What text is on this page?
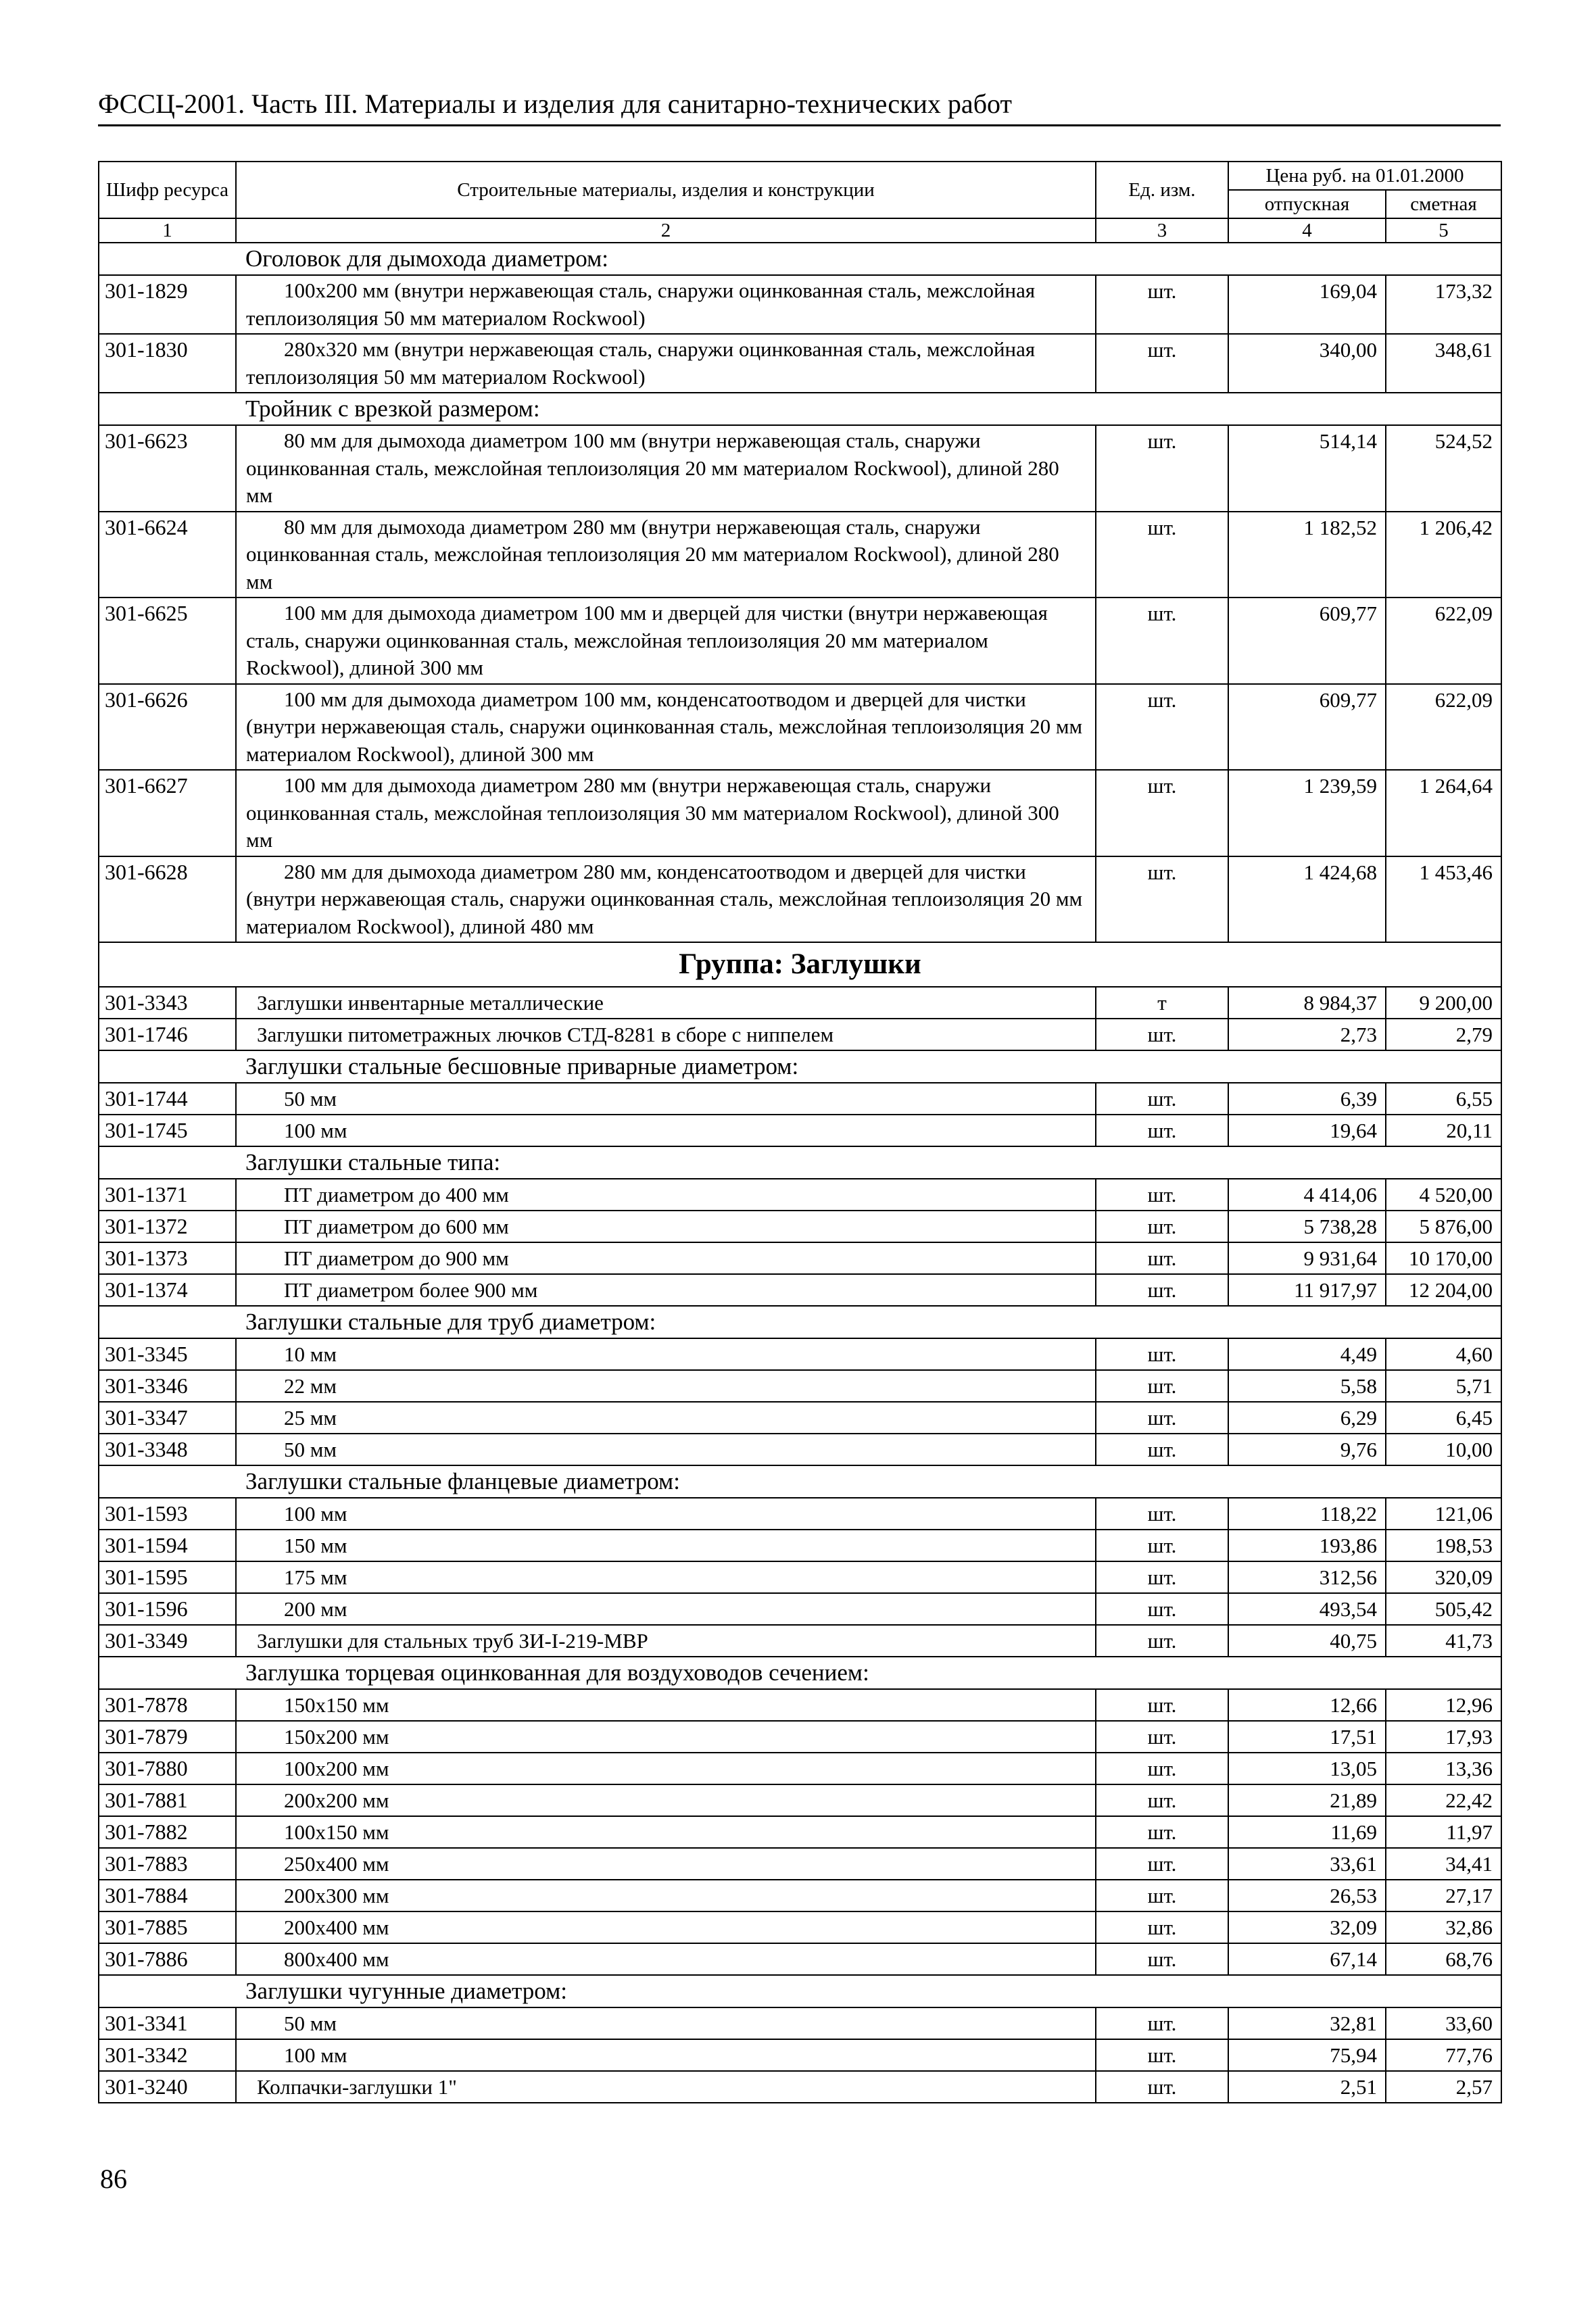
ФССЦ-2001. Часть III. Материалы и изделия для санитарно-технических работ
Шифр ресурса	Строительные материалы, изделия и конструкции	Ед. изм.	Цена руб. на 01.01.2000	
			отпускная	сметная
1	2	3	4	5
Оголовок для дымохода диаметром:				
301-1829	100x200 мм (внутри нержавеющая сталь, снаружи оцинкованная сталь, межслойная теплоизоляция 50 мм материалом Rockwool)	шт.	169,04	173,32
301-1830	280x320 мм (внутри нержавеющая сталь, снаружи оцинкованная сталь, межслойная теплоизоляция 50 мм материалом Rockwool)	шт.	340,00	348,61
Тройник с врезкой размером:				
301-6623	80 мм для дымохода диаметром 100 мм (внутри нержавеющая сталь, снаружи оцинкованная сталь, межслойная теплоизоляция 20 мм материалом Rockwool), длиной 280 мм	шт.	514,14	524,52
301-6624	80 мм для дымохода диаметром 280 мм (внутри нержавеющая сталь, снаружи оцинкованная сталь, межслойная теплоизоляция 20 мм материалом Rockwool), длиной 280 мм	шт.	1 182,52	1 206,42
301-6625	100 мм для дымохода диаметром 100 мм и дверцей для чистки (внутри нержавеющая сталь, снаружи оцинкованная сталь, межслойная теплоизоляция 20 мм материалом Rockwool), длиной 300 мм	шт.	609,77	622,09
301-6626	100 мм для дымохода диаметром 100 мм, конденсатоотводом и дверцей для чистки (внутри нержавеющая сталь, снаружи оцинкованная сталь, межслойная теплоизоляция 20 мм материалом Rockwool), длиной 300 мм	шт.	609,77	622,09
301-6627	100 мм для дымохода диаметром 280 мм (внутри нержавеющая сталь, снаружи оцинкованная сталь, межслойная теплоизоляция 30 мм материалом Rockwool), длиной 300 мм	шт.	1 239,59	1 264,64
301-6628	280 мм для дымохода диаметром 280 мм, конденсатоотводом и дверцей для чистки (внутри нержавеющая сталь, снаружи оцинкованная сталь, межслойная теплоизоляция 20 мм материалом Rockwool), длиной 480 мм	шт.	1 424,68	1 453,46
Группа: Заглушки				
301-3343	Заглушки инвентарные металлические	т	8 984,37	9 200,00
301-1746	Заглушки питометражных лючков СТД-8281 в сборе с ниппелем	шт.	2,73	2,79
Заглушки стальные бесшовные приварные диаметром:				
301-1744	50 мм	шт.	6,39	6,55
301-1745	100 мм	шт.	19,64	20,11
Заглушки стальные типа:				
301-1371	ПТ диаметром до 400 мм	шт.	4 414,06	4 520,00
301-1372	ПТ диаметром до 600 мм	шт.	5 738,28	5 876,00
301-1373	ПТ диаметром до 900 мм	шт.	9 931,64	10 170,00
301-1374	ПТ диаметром более 900 мм	шт.	11 917,97	12 204,00
Заглушки стальные для труб диаметром:				
301-3345	10 мм	шт.	4,49	4,60
301-3346	22 мм	шт.	5,58	5,71
301-3347	25 мм	шт.	6,29	6,45
301-3348	50 мм	шт.	9,76	10,00
Заглушки стальные фланцевые диаметром:				
301-1593	100 мм	шт.	118,22	121,06
301-1594	150 мм	шт.	193,86	198,53
301-1595	175 мм	шт.	312,56	320,09
301-1596	200 мм	шт.	493,54	505,42
301-3349	Заглушки для стальных труб ЗИ-I-219-МВР	шт.	40,75	41,73
Заглушка торцевая оцинкованная для воздуховодов сечением:				
301-7878	150x150 мм	шт.	12,66	12,96
301-7879	150x200 мм	шт.	17,51	17,93
301-7880	100x200 мм	шт.	13,05	13,36
301-7881	200x200 мм	шт.	21,89	22,42
301-7882	100x150 мм	шт.	11,69	11,97
301-7883	250x400 мм	шт.	33,61	34,41
301-7884	200x300 мм	шт.	26,53	27,17
301-7885	200x400 мм	шт.	32,09	32,86
301-7886	800x400 мм	шт.	67,14	68,76
Заглушки чугунные диаметром:				
301-3341	50 мм	шт.	32,81	33,60
301-3342	100 мм	шт.	75,94	77,76
301-3240	Колпачки-заглушки 1"	шт.	2,51	2,57
86
